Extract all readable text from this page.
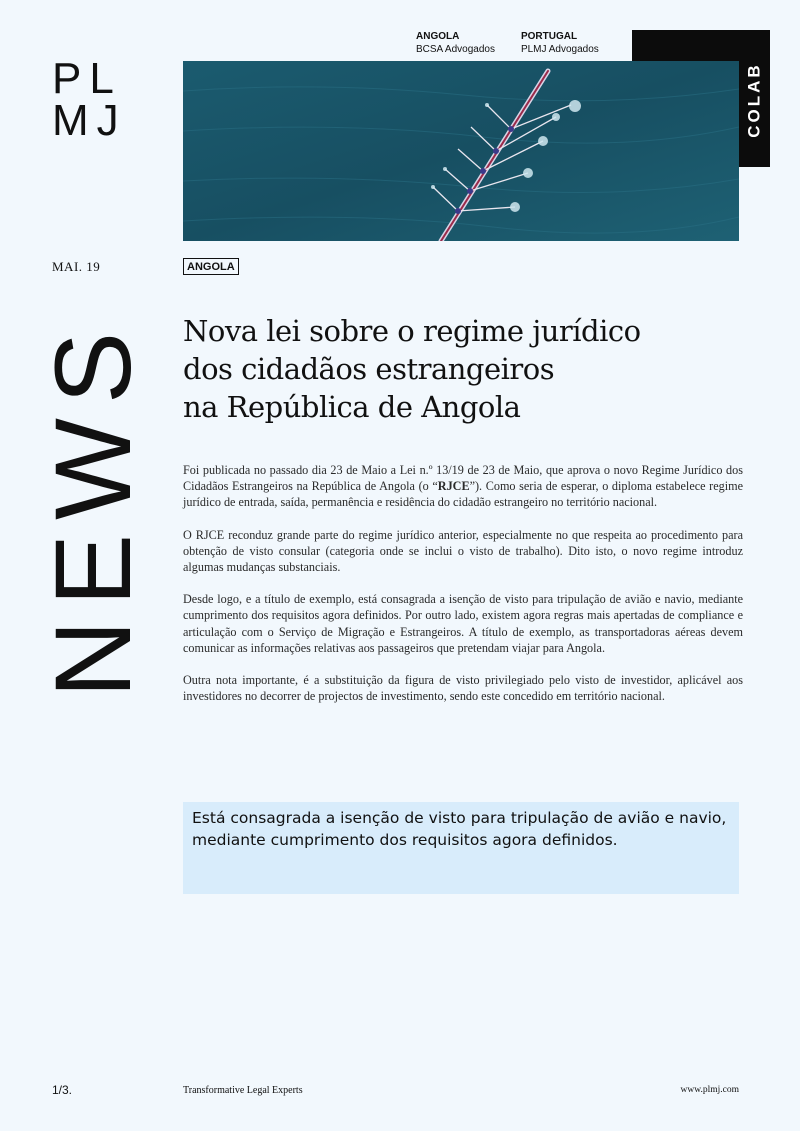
PL
MJ
ANGOLA
BCSA Advogados
PORTUGAL
PLMJ Advogados
COLAB
MAI. 19	ANGOLA
NEWS Nova lei sobre o regime jurídico
dos cidadãos estrangeiros
na República de Angola

Foi publicada no passado dia 23 de Maio a Lei n.º 13/19 de 23 de Maio, que aprova o novo Regime Jurídico dos Cidadãos Estrangeiros na República de Angola (o “RJCE”). Como seria de esperar, o diploma estabelece regime jurídico de entrada, saída, permanência e residência do cidadão estrangeiro no território nacional.

O RJCE reconduz grande parte do regime jurídico anterior, especialmente no que respeita ao procedimento para obtenção de visto consular (categoria onde se inclui o visto de trabalho). Dito isto, o novo regime introduz algumas mudanças substanciais.

Desde logo, e a título de exemplo, está consagrada a isenção de visto para tripulação de avião e navio, mediante cumprimento dos requisitos agora definidos. Por outro lado, existem agora regras mais apertadas de compliance e articulação com o Serviço de Migração e Estrangeiros. A título de exemplo, as transportadoras aéreas devem comunicar as informações relativas aos passageiros que pretendam viajar para Angola.

Outra nota importante, é a substituição da figura de visto privilegiado pelo visto de investidor, aplicável aos investidores no decorrer de projectos de investimento, sendo este concedido em território nacional.

Está consagrada a isenção de visto para tripulação de avião e navio, mediante cumprimento dos requisitos agora definidos.
1/3.	Transformative Legal Experts	www.plmj.com
